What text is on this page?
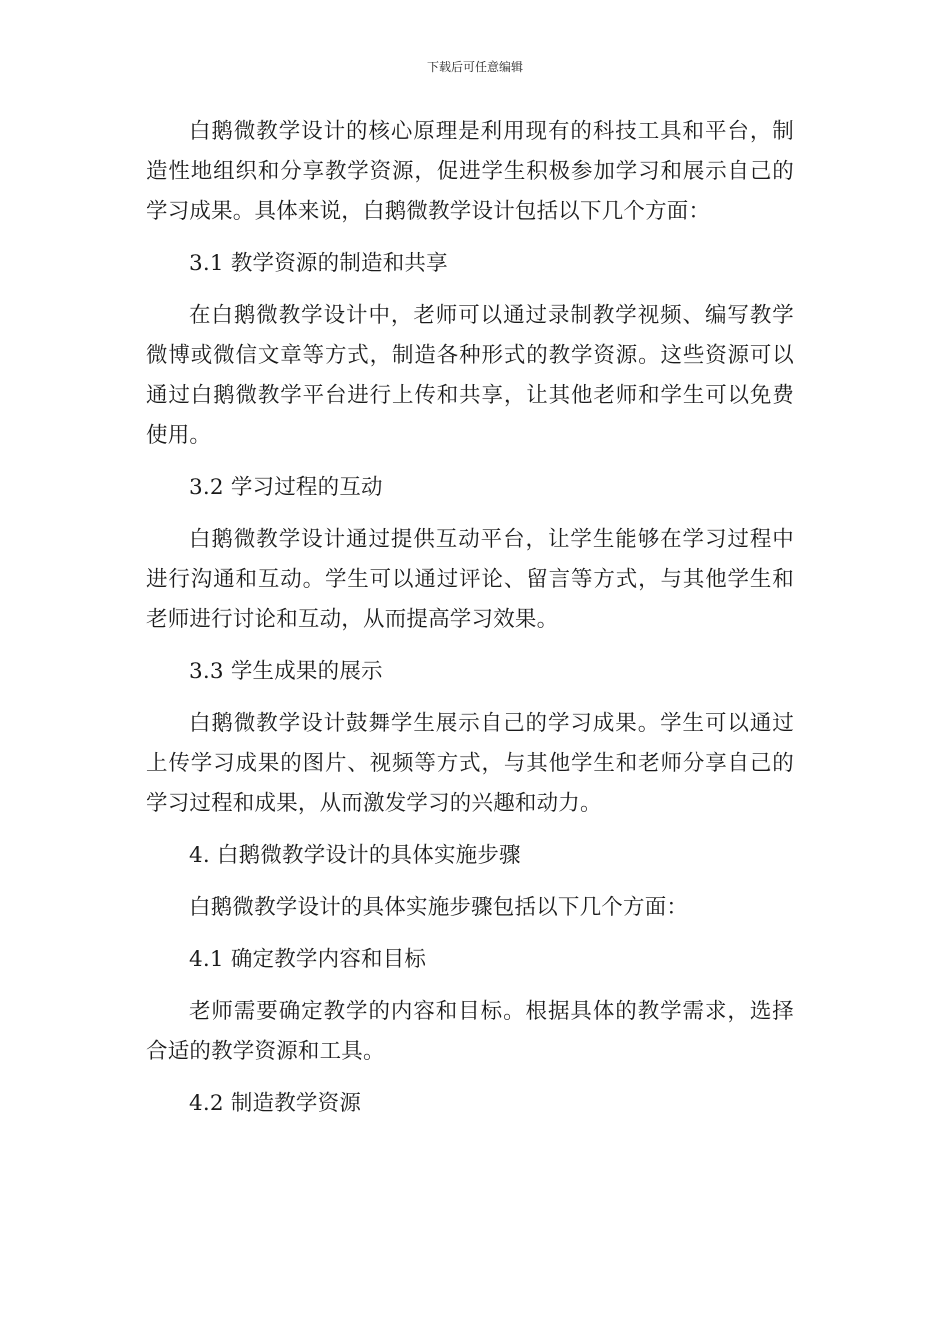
下载后可任意编辑

白鹅微教学设计的核心原理是利用现有的科技工具和平台，制造性地组织和分享教学资源，促进学生积极参加学习和展示自己的学习成果。具体来说，白鹅微教学设计包括以下几个方面：

3.1 教学资源的制造和共享

在白鹅微教学设计中，老师可以通过录制教学视频、编写教学微博或微信文章等方式，制造各种形式的教学资源。这些资源可以通过白鹅微教学平台进行上传和共享，让其他老师和学生可以免费使用。

3.2 学习过程的互动

白鹅微教学设计通过提供互动平台，让学生能够在学习过程中进行沟通和互动。学生可以通过评论、留言等方式，与其他学生和老师进行讨论和互动，从而提高学习效果。

3.3 学生成果的展示

白鹅微教学设计鼓舞学生展示自己的学习成果。学生可以通过上传学习成果的图片、视频等方式，与其他学生和老师分享自己的学习过程和成果，从而激发学习的兴趣和动力。

4. 白鹅微教学设计的具体实施步骤

白鹅微教学设计的具体实施步骤包括以下几个方面：

4.1 确定教学内容和目标

老师需要确定教学的内容和目标。根据具体的教学需求，选择合适的教学资源和工具。

4.2 制造教学资源
